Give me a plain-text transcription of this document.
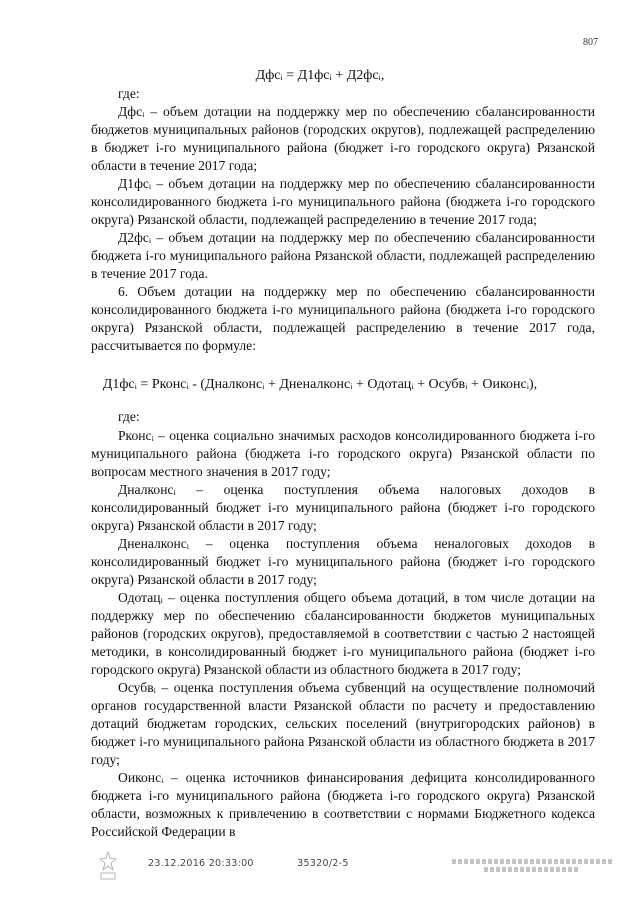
807
Дфсᵢ = Д1фсᵢ + Д2фсᵢ,
где:

Дфсᵢ – объем дотации на поддержку мер по обеспечению сбалансированности бюджетов муниципальных районов (городских округов), подлежащей распределению в бюджет i-го муниципального района (бюджет i-го городского округа) Рязанской области в течение 2017 года;

Д1фсᵢ – объем дотации на поддержку мер по обеспечению сбалансированности консолидированного бюджета i-го муниципального района (бюджета i-го городского округа) Рязанской области, подлежащей распределению в течение 2017 года;

Д2фсᵢ – объем дотации на поддержку мер по обеспечению сбалансированности бюджета i-го муниципального района Рязанской области, подлежащей распределению в течение 2017 года.

6. Объем дотации на поддержку мер по обеспечению сбалансированности консолидированного бюджета i-го муниципального района (бюджета i-го городского округа) Рязанской области, подлежащей распределению в течение 2017 года, рассчитывается по формуле:

Д1фсᵢ = Рконсᵢ - (Дналконсᵢ + Дненалконсᵢ + Одотацᵢ + Осубвᵢ + Оиконсᵢ),
где:

Рконсᵢ – оценка социально значимых расходов консолидированного бюджета i-го муниципального района (бюджета i-го городского округа) Рязанской области по вопросам местного значения в 2017 году;

Дналконсᵢ – оценка поступления объема налоговых доходов в консолидированный бюджет i-го муниципального района (бюджет i-го городского округа) Рязанской области в 2017 году;

Дненалконсᵢ – оценка поступления объема неналоговых доходов в консолидированный бюджет i-го муниципального района (бюджет i-го городского округа) Рязанской области в 2017 году;

Одотацᵢ – оценка поступления общего объема дотаций, в том числе дотации на поддержку мер по обеспечению сбалансированности бюджетов муниципальных районов (городских округов), предоставляемой в соответствии с частью 2 настоящей методики, в консолидированный бюджет i-го муниципального района (бюджет i-го городского округа) Рязанской области из областного бюджета в 2017 году;

Осубвᵢ – оценка поступления объема субвенций на осуществление полномочий органов государственной власти Рязанской области по расчету и предоставлению дотаций бюджетам городских, сельских поселений (внутригородских районов) в бюджет i-го муниципального района Рязанской области из областного бюджета в 2017 году;

Оиконсᵢ – оценка источников финансирования дефицита консолидированного бюджета i-го муниципального района (бюджета i-го городского округа) Рязанской области, возможных к привлечению в соответствии с нормами Бюджетного кодекса Российской Федерации в

23.12.2016 20:33:00	35320/2-5
